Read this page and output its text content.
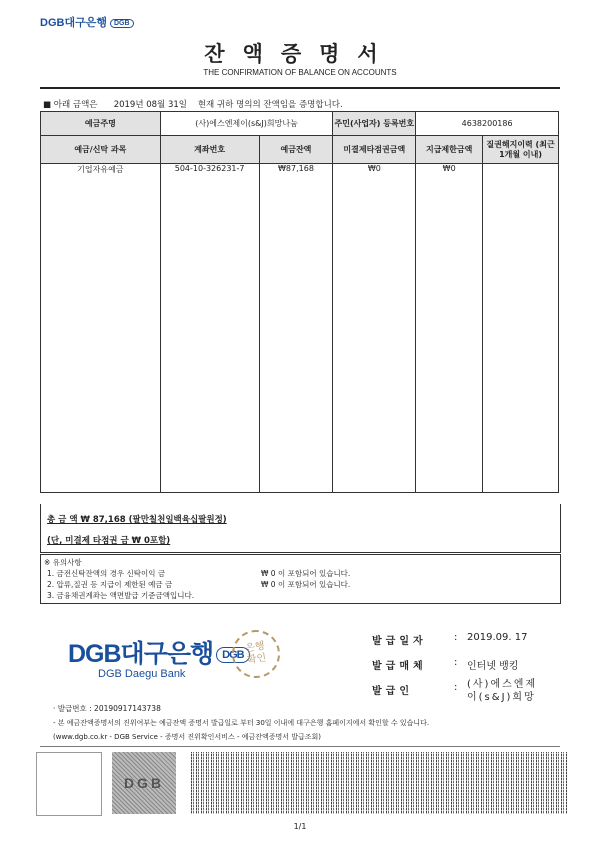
DGB대구은행 DGB
잔액증명서
THE CONFIRMATION OF BALANCE ON ACCOUNTS
■ 아래 금액은      2019년 08월 31일    현재 귀하 명의의 잔액임을 증명합니다.
예금주명	(사)에스엔제이(s&J)희망나눔		주민(사업자) 등록번호	4638200186	
예금/신탁 과목	계좌번호	예금잔액	미결제타점권금액	지급제한금액	질권해지이력 (최근 1개월 이내)
기업자유예금	504-10-326231-7	₩87,168	₩0	₩0	
총 금 액 ₩ 87,168 (팔만칠천일백육십팔원정)
(단, 미결제 타점권 금 ₩ 0포함)
※ 유의사항
1. 금전신탁잔액의 경우 신탁이익 금	₩ 0 이 포함되어 있습니다.
2. 압류,질권 등 지급이 제한된 예금 금	₩ 0 이 포함되어 있습니다.
3. 금융채권계좌는 액면발급 기준금액입니다.
DGB대구은행 DGB
DGB Daegu Bank
은행
확인
발급일자	: 2019.09. 17
발급매체	: 인터넷 뱅킹
발급인	: (사)에스엔제
이(s&J)희망
· 발급번호 : 20190917143738
- 본 예금잔액증명서의 진위여부는 예금잔액 증명서 발급일로 부터 30일 이내에 대구은행 홈페이지에서 확인할 수 있습니다.
(www.dgb.co.kr - DGB Service - 증명서 진위확인서비스 - 예금잔액증명서 발급조회)
DGB
1/1
